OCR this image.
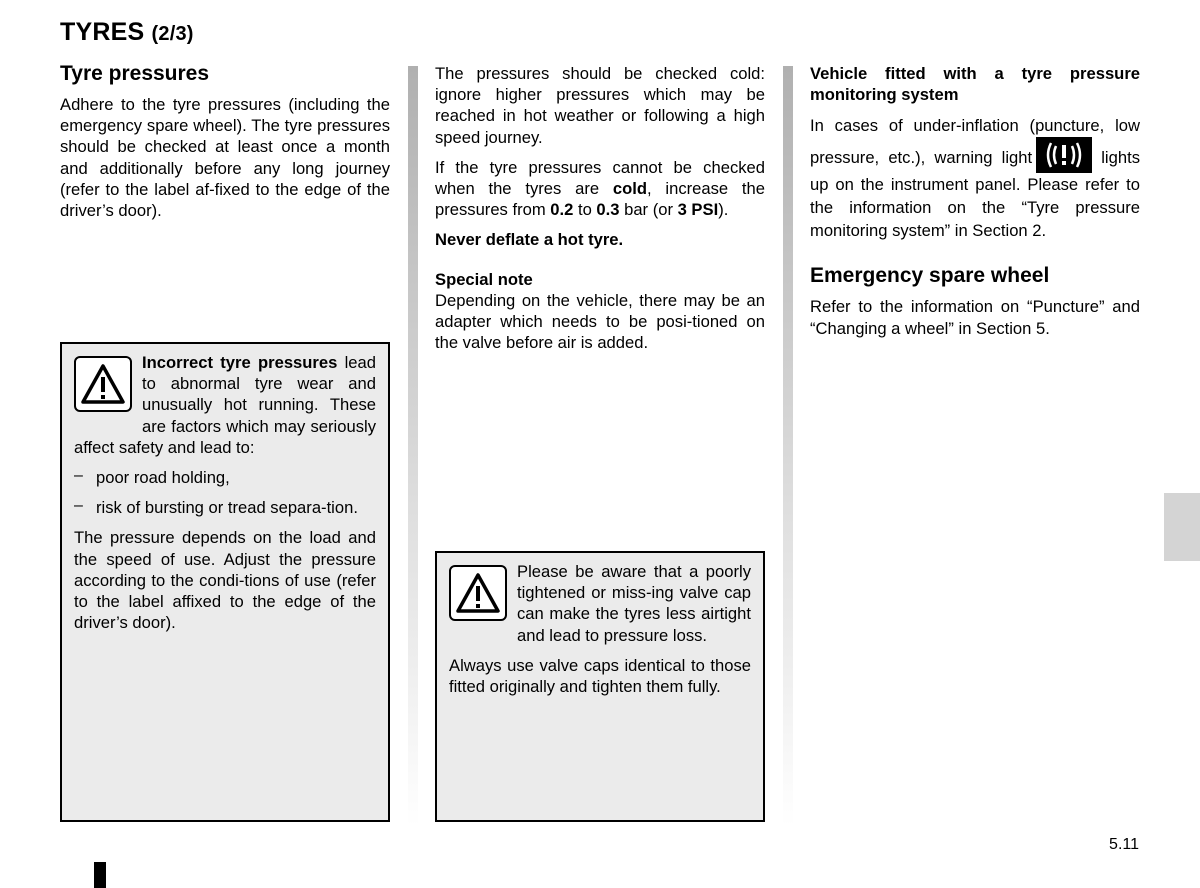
TYRES (2/3)
Tyre pressures

Adhere to the tyre pressures (including the emergency spare wheel). The tyre pressures should be checked at least once a month and additionally before any long journey (refer to the label af-fixed to the edge of the driver’s door).

Incorrect tyre pressures lead to abnormal tyre wear and unusually hot running. These are factors which may seriously affect safety and lead to:

– poor road holding,

– risk of bursting or tread separa-tion.

The pressure depends on the load and the speed of use. Adjust the pressure according to the condi-tions of use (refer to the label affixed to the edge of the driver’s door).

The pressures should be checked cold: ignore higher pressures which may be reached in hot weather or following a high speed journey.

If the tyre pressures cannot be checked when the tyres are cold, increase the pressures from 0.2 to 0.3 bar (or 3 PSI).

Never deflate a hot tyre.

Special note

Depending on the vehicle, there may be an adapter which needs to be posi-tioned on the valve before air is added.

Please be aware that a poorly tightened or miss-ing valve cap can make the tyres less airtight and lead to pressure loss.

Always use valve caps identical to those fitted originally and tighten them fully.

Vehicle fitted with a tyre pressure monitoring system

In cases of under-inflation (puncture, low pressure, etc.), warning light	lights up on the instrument panel. Please refer to the information on the “Tyre pressure monitoring system” in Section 2.

Emergency spare wheel

Refer to the information on “Puncture” and “Changing a wheel” in Section 5.

5.11
